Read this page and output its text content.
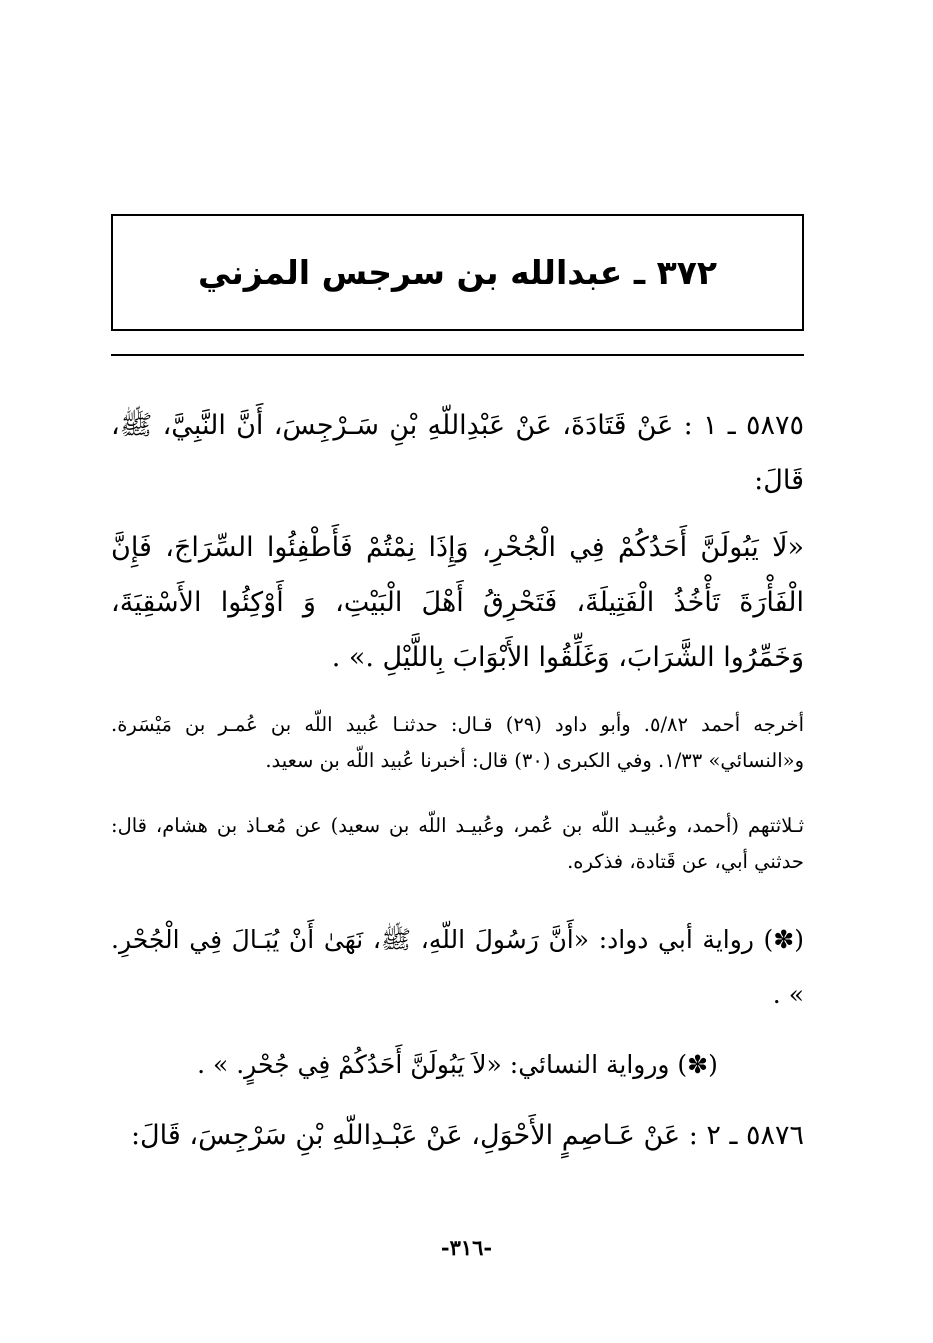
٣٧٢ ـ عبدالله بن سرجس المزني

٥٨٧٥ ـ ١ : عَنْ قَتَادَةَ، عَنْ عَبْدِاللّهِ بْنِ سَـرْجِسَ، أَنَّ النَّبِيَّ، ﷺ، قَالَ:

«لَا يَبُولَنَّ أَحَدُكُمْ فِي الْجُحْرِ، وَإِذَا نِمْتُمْ فَأَطْفِئُوا السِّرَاجَ، فَإِنَّ الْفَأْرَةَ تَأْخُذُ الْفَتِيلَةَ، فَتَحْرِقُ أَهْلَ الْبَيْتِ، وَ أَوْكِئُوا الأَسْقِيَةَ، وَخَمِّرُوا الشَّرَابَ، وَغَلِّقُوا الأَبْوَابَ بِاللَّيْلِ .» .

أخرجه أحمد ٥/٨٢. وأبو داود (٢٩) قـال: حدثنـا عُبيد اللّه بن عُمـر بن مَيْسَرة. و«النسائي» ١/٣٣. وفي الكبرى (٣٠) قال: أخبرنا عُبيد اللّه بن سعيد.

ثـلاثتهم (أحمد، وعُبيـد اللّه بن عُمر، وعُبيـد اللّه بن سعيد) عن مُعـاذ بن هشام، قال: حدثني أبي، عن قَتادة، فذكره.

(✽) رواية أبي دواد: «أَنَّ رَسُولَ اللّهِ، ﷺ، نَهَىٰ أَنْ يُبَـالَ فِي الْجُحْرِ. » .

(✽) ورواية النسائي: «لاَ يَبُولَنَّ أَحَدُكُمْ فِي جُحْرٍ. » .

٥٨٧٦ ـ ٢ : عَنْ عَـاصِمٍ الأَحْوَلِ، عَنْ عَبْـدِاللّهِ بْنِ سَرْجِسَ، قَالَ:

-٣١٦-
